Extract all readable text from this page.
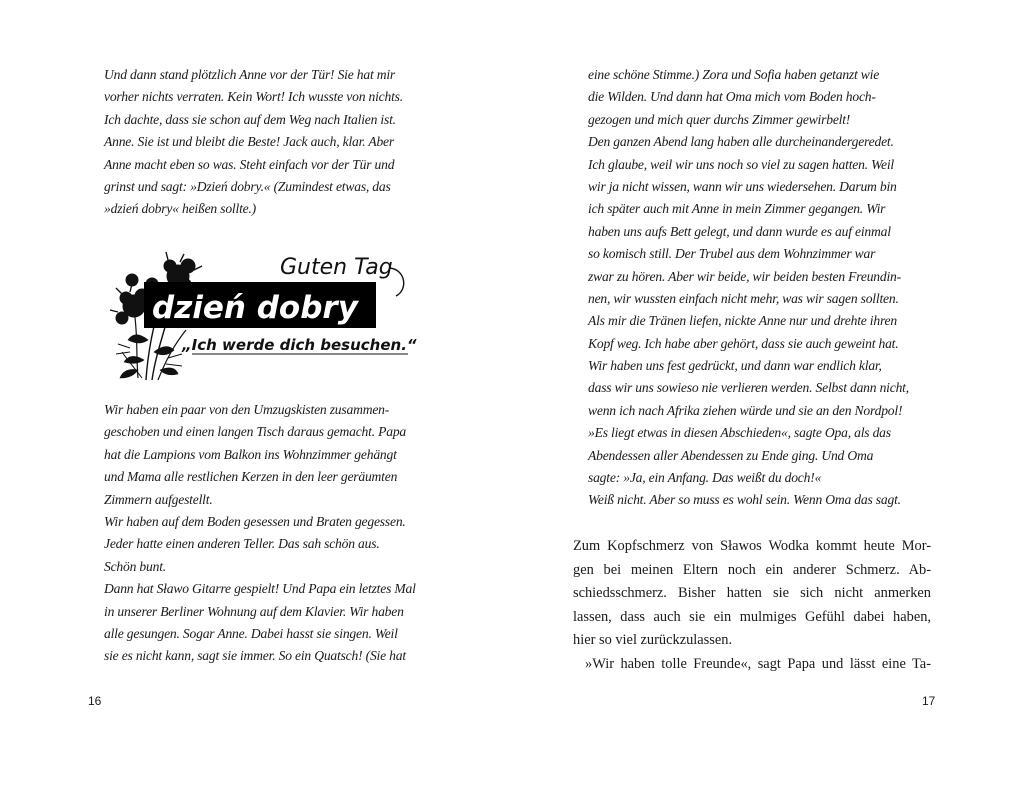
Und dann stand plötzlich Anne vor der Tür! Sie hat mir
vorher nichts verraten. Kein Wort! Ich wusste von nichts.
Ich dachte, dass sie schon auf dem Weg nach Italien ist.
Anne. Sie ist und bleibt die Beste! Jack auch, klar. Aber
Anne macht eben so was. Steht einfach vor der Tür und
grinst und sagt: »Dzień dobry.« (Zumindest etwas, das
»dzień dobry« heißen sollte.)
dzień dobry
Guten Tag
„Ich werde dich besuchen.“
Wir haben ein paar von den Umzugskisten zusammen-
geschoben und einen langen Tisch daraus gemacht. Papa
hat die Lampions vom Balkon ins Wohnzimmer gehängt
und Mama alle restlichen Kerzen in den leer geräumten
Zimmern aufgestellt.
Wir haben auf dem Boden gesessen und Braten gegessen.
Jeder hatte einen anderen Teller. Das sah schön aus.
Schön bunt.
Dann hat Sławo Gitarre gespielt! Und Papa ein letztes Mal
in unserer Berliner Wohnung auf dem Klavier. Wir haben
alle gesungen. Sogar Anne. Dabei hasst sie singen. Weil
sie es nicht kann, sagt sie immer. So ein Quatsch! (Sie hat
16
eine schöne Stimme.) Zora und Sofia haben getanzt wie
die Wilden. Und dann hat Oma mich vom Boden hoch-
gezogen und mich quer durchs Zimmer gewirbelt!
Den ganzen Abend lang haben alle durcheinandergeredet.
Ich glaube, weil wir uns noch so viel zu sagen hatten. Weil
wir ja nicht wissen, wann wir uns wiedersehen. Darum bin
ich später auch mit Anne in mein Zimmer gegangen. Wir
haben uns aufs Bett gelegt, und dann wurde es auf einmal
so komisch still. Der Trubel aus dem Wohnzimmer war
zwar zu hören. Aber wir beide, wir beiden besten Freundin-
nen, wir wussten einfach nicht mehr, was wir sagen sollten.
Als mir die Tränen liefen, nickte Anne nur und drehte ihren
Kopf weg. Ich habe aber gehört, dass sie auch geweint hat.
Wir haben uns fest gedrückt, und dann war endlich klar,
dass wir uns sowieso nie verlieren werden. Selbst dann nicht,
wenn ich nach Afrika ziehen würde und sie an den Nordpol!
»Es liegt etwas in diesen Abschieden«, sagte Opa, als das
Abendessen aller Abendessen zu Ende ging. Und Oma
sagte: »Ja, ein Anfang. Das weißt du doch!«
Weiß nicht. Aber so muss es wohl sein. Wenn Oma das sagt.
Zum Kopfschmerz von Sławos Wodka kommt heute Mor-
gen bei meinen Eltern noch ein anderer Schmerz. Ab-
schiedsschmerz. Bisher hatten sie sich nicht anmerken
lassen, dass auch sie ein mulmiges Gefühl dabei haben,
hier so viel zurückzulassen.
»Wir haben tolle Freunde«, sagt Papa und lässt eine Ta-
17
